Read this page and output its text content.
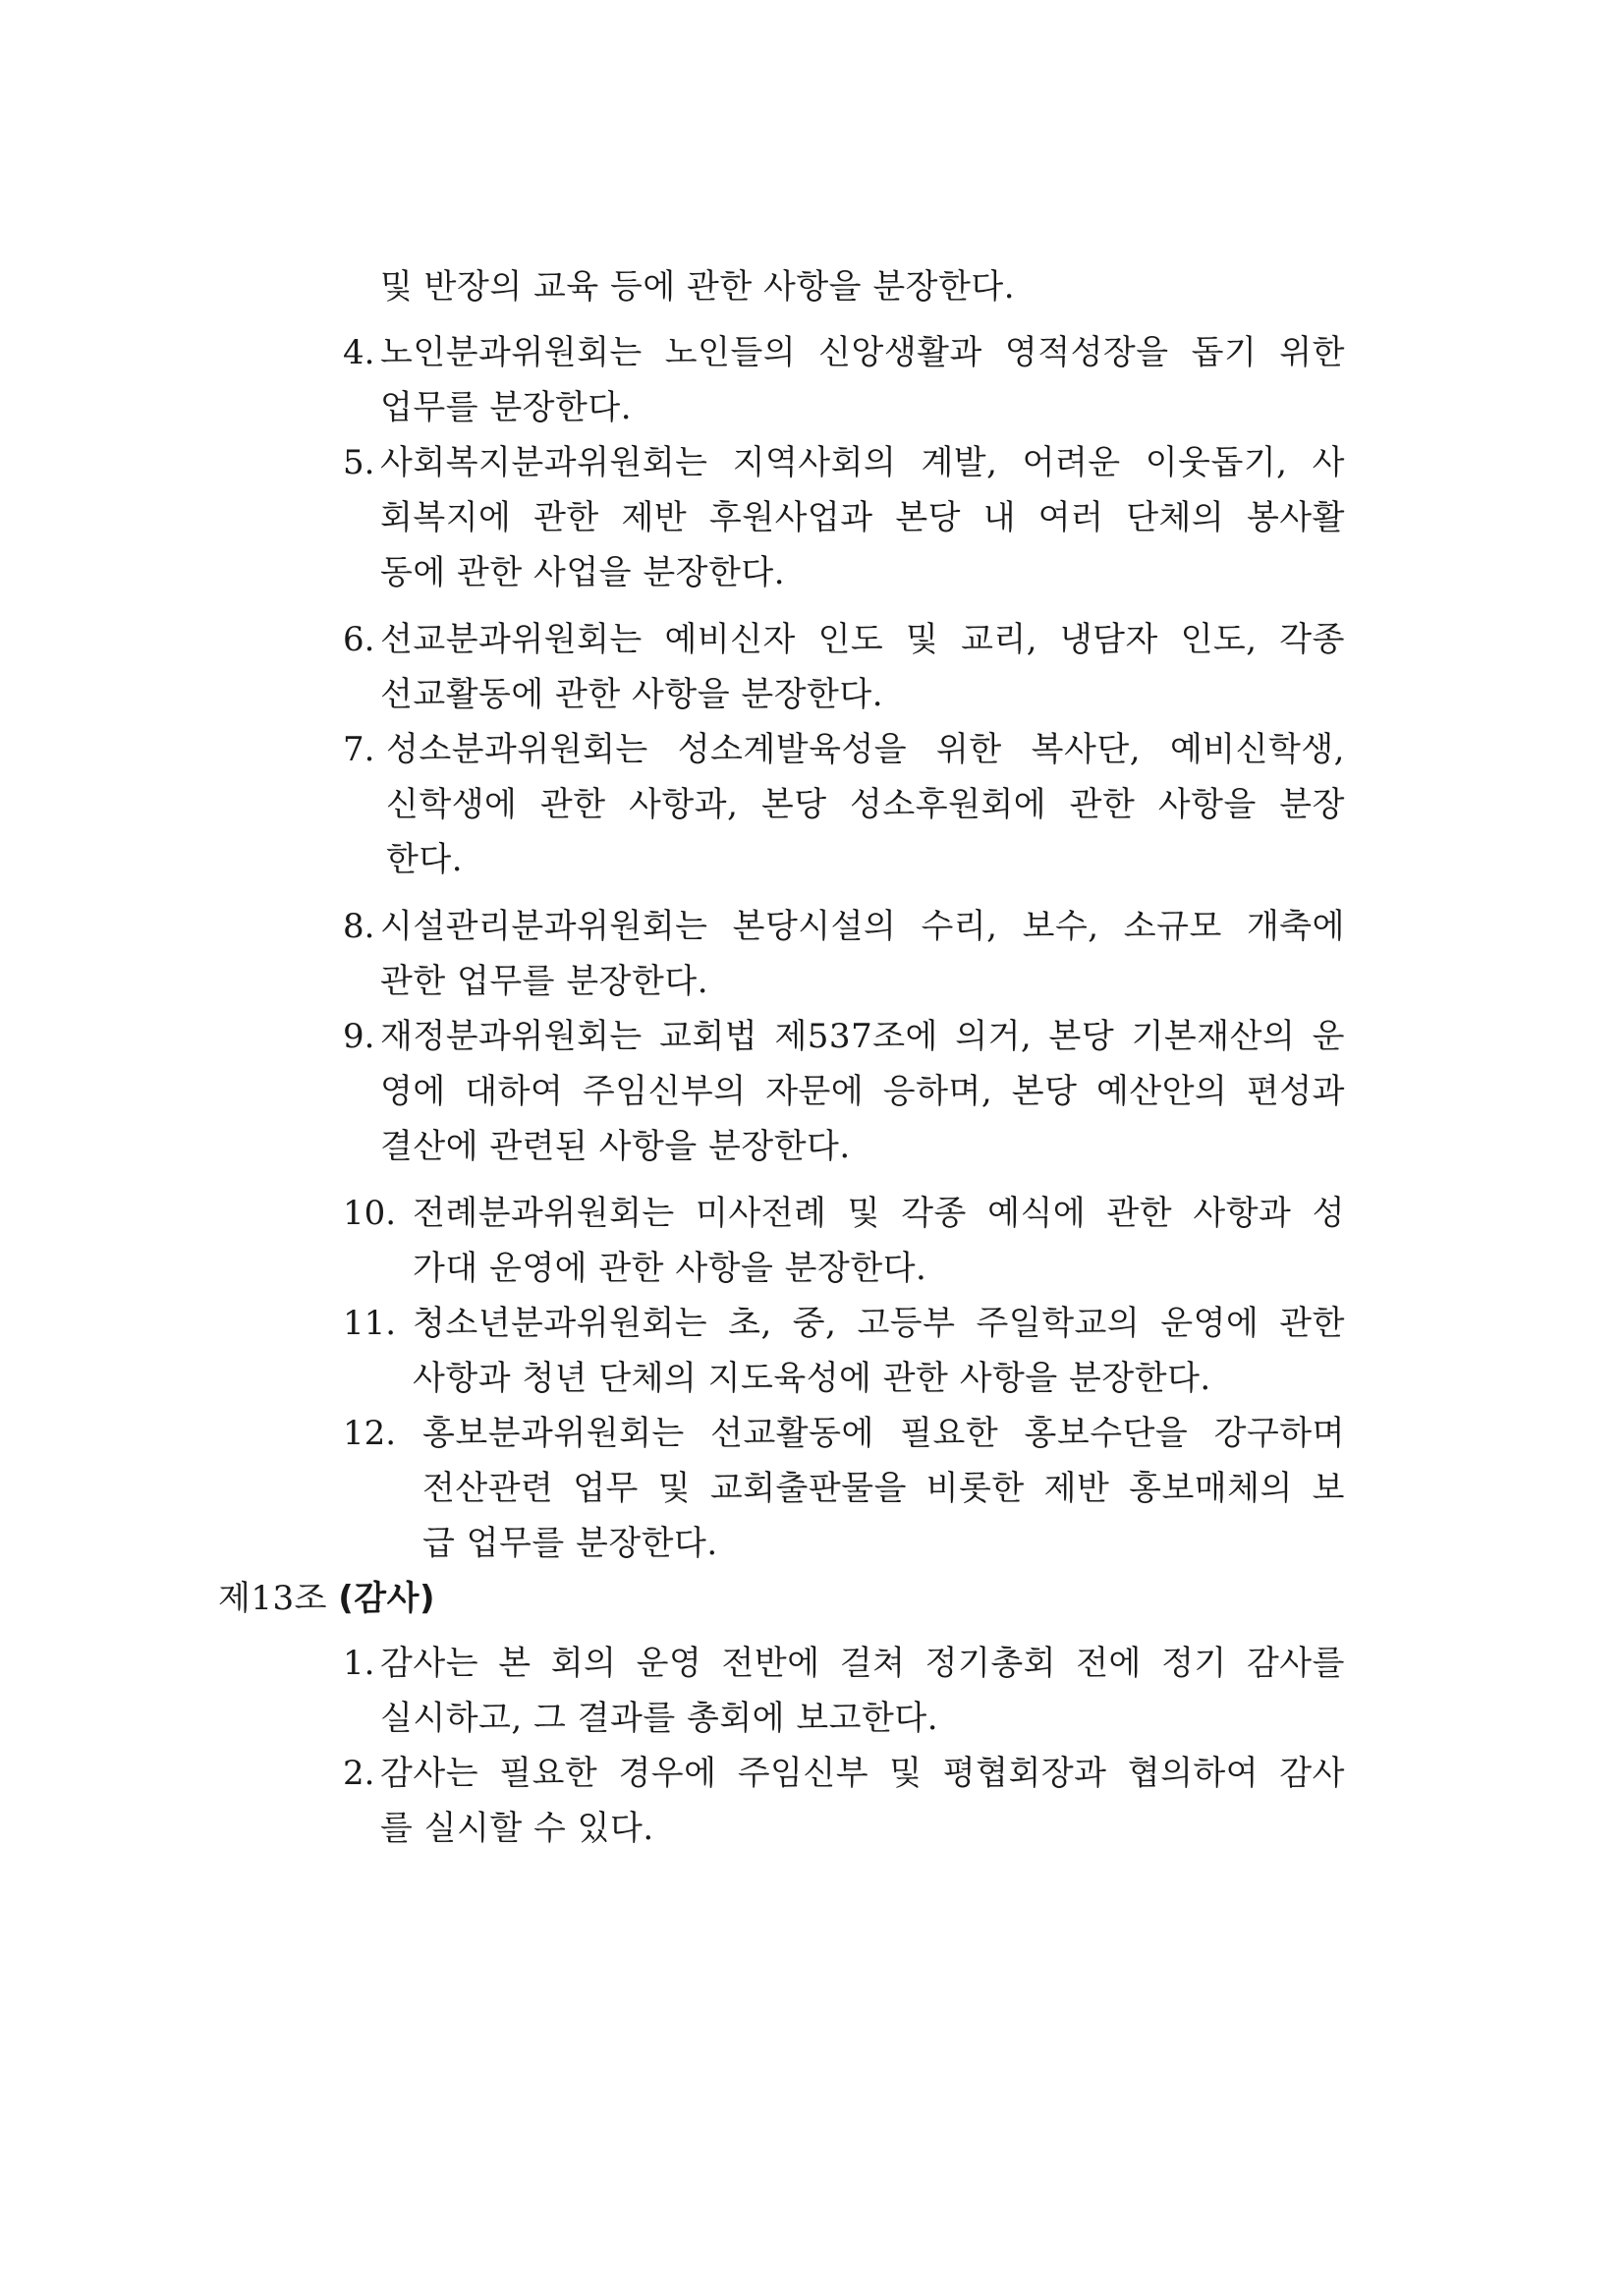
및 반장의 교육 등에 관한 사항을 분장한다.
4. 노인분과위원회는 노인들의 신앙생활과 영적성장을 돕기 위한
업무를 분장한다.
5. 사회복지분과위원회는 지역사회의 계발, 어려운 이웃돕기, 사
회복지에 관한 제반 후원사업과 본당 내 여러 단체의 봉사활
동에 관한 사업을 분장한다.
6. 선교분과위원회는 예비신자 인도 및 교리, 냉담자 인도, 각종
선교활동에 관한 사항을 분장한다.
7. 성소분과위원회는 성소계발육성을 위한 복사단, 예비신학생,
신학생에 관한 사항과, 본당 성소후원회에 관한 사항을 분장
한다.
8. 시설관리분과위원회는 본당시설의 수리, 보수, 소규모 개축에
관한 업무를 분장한다.
9. 재정분과위원회는 교회법 제537조에 의거, 본당 기본재산의 운
영에 대하여 주임신부의 자문에 응하며, 본당 예산안의 편성과
결산에 관련된 사항을 분장한다.
10. 전례분과위원회는 미사전례 및 각종 예식에 관한 사항과 성
가대 운영에 관한 사항을 분장한다.
11. 청소년분과위원회는 초, 중, 고등부 주일학교의 운영에 관한
사항과 청년 단체의 지도육성에 관한 사항을 분장한다.
12. 홍보분과위원회는 선교활동에 필요한 홍보수단을 강구하며
전산관련 업무 및 교회출판물을 비롯한 제반 홍보매체의 보
급 업무를 분장한다.
제13조 (감사)
1. 감사는 본 회의 운영 전반에 걸쳐 정기총회 전에 정기 감사를
실시하고, 그 결과를 총회에 보고한다.
2. 감사는 필요한 경우에 주임신부 및 평협회장과 협의하여 감사
를 실시할 수 있다.
